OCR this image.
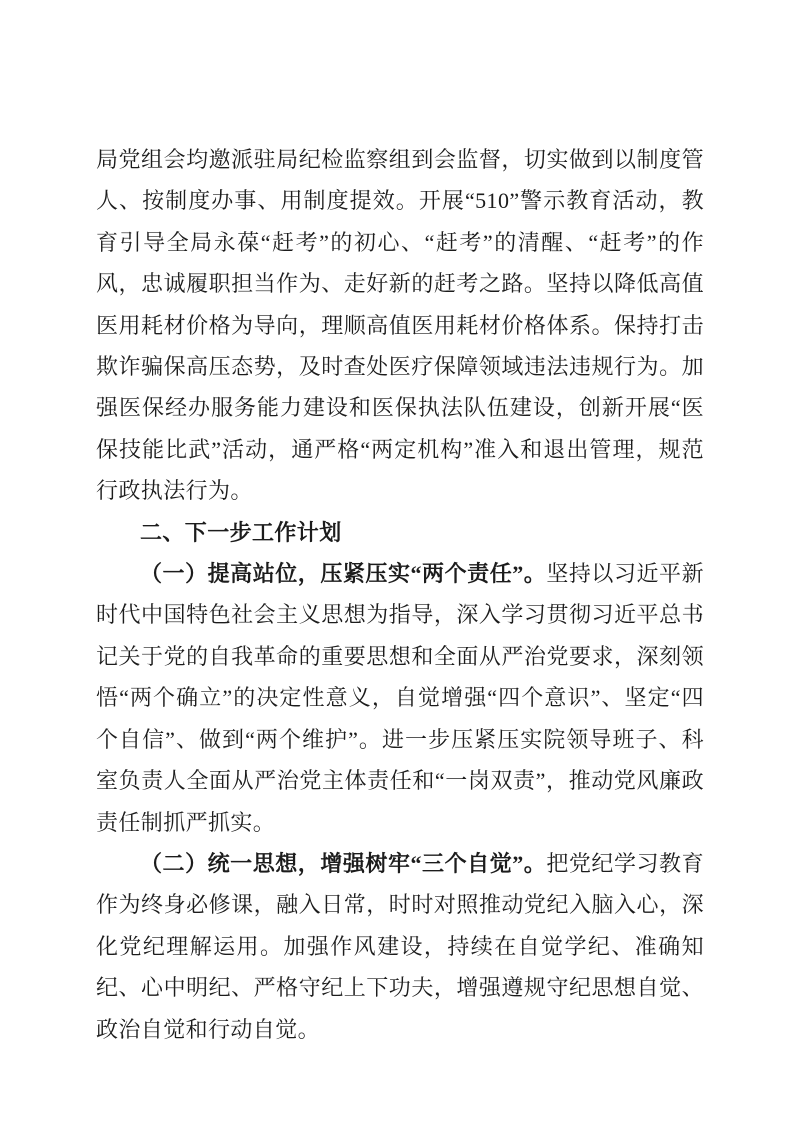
局党组会均邀派驻局纪检监察组到会监督，切实做到以制度管人、按制度办事、用制度提效。开展“510”警示教育活动，教育引导全局永葆“赶考”的初心、“赶考”的清醒、“赶考”的作风，忠诚履职担当作为、走好新的赶考之路。坚持以降低高值医用耗材价格为导向，理顺高值医用耗材价格体系。保持打击欺诈骗保高压态势，及时查处医疗保障领域违法违规行为。加强医保经办服务能力建设和医保执法队伍建设，创新开展“医保技能比武”活动，通严格“两定机构”准入和退出管理，规范行政执法行为。

二、下一步工作计划

（一）提高站位，压紧压实“两个责任”。坚持以习近平新时代中国特色社会主义思想为指导，深入学习贯彻习近平总书记关于党的自我革命的重要思想和全面从严治党要求，深刻领悟“两个确立”的决定性意义，自觉增强“四个意识”、坚定“四个自信”、做到“两个维护”。进一步压紧压实院领导班子、科室负责人全面从严治党主体责任和“一岗双责”，推动党风廉政责任制抓严抓实。

（二）统一思想，增强树牢“三个自觉”。把党纪学习教育作为终身必修课，融入日常，时时对照推动党纪入脑入心，深化党纪理解运用。加强作风建设，持续在自觉学纪、准确知纪、心中明纪、严格守纪上下功夫，增强遵规守纪思想自觉、政治自觉和行动自觉。
